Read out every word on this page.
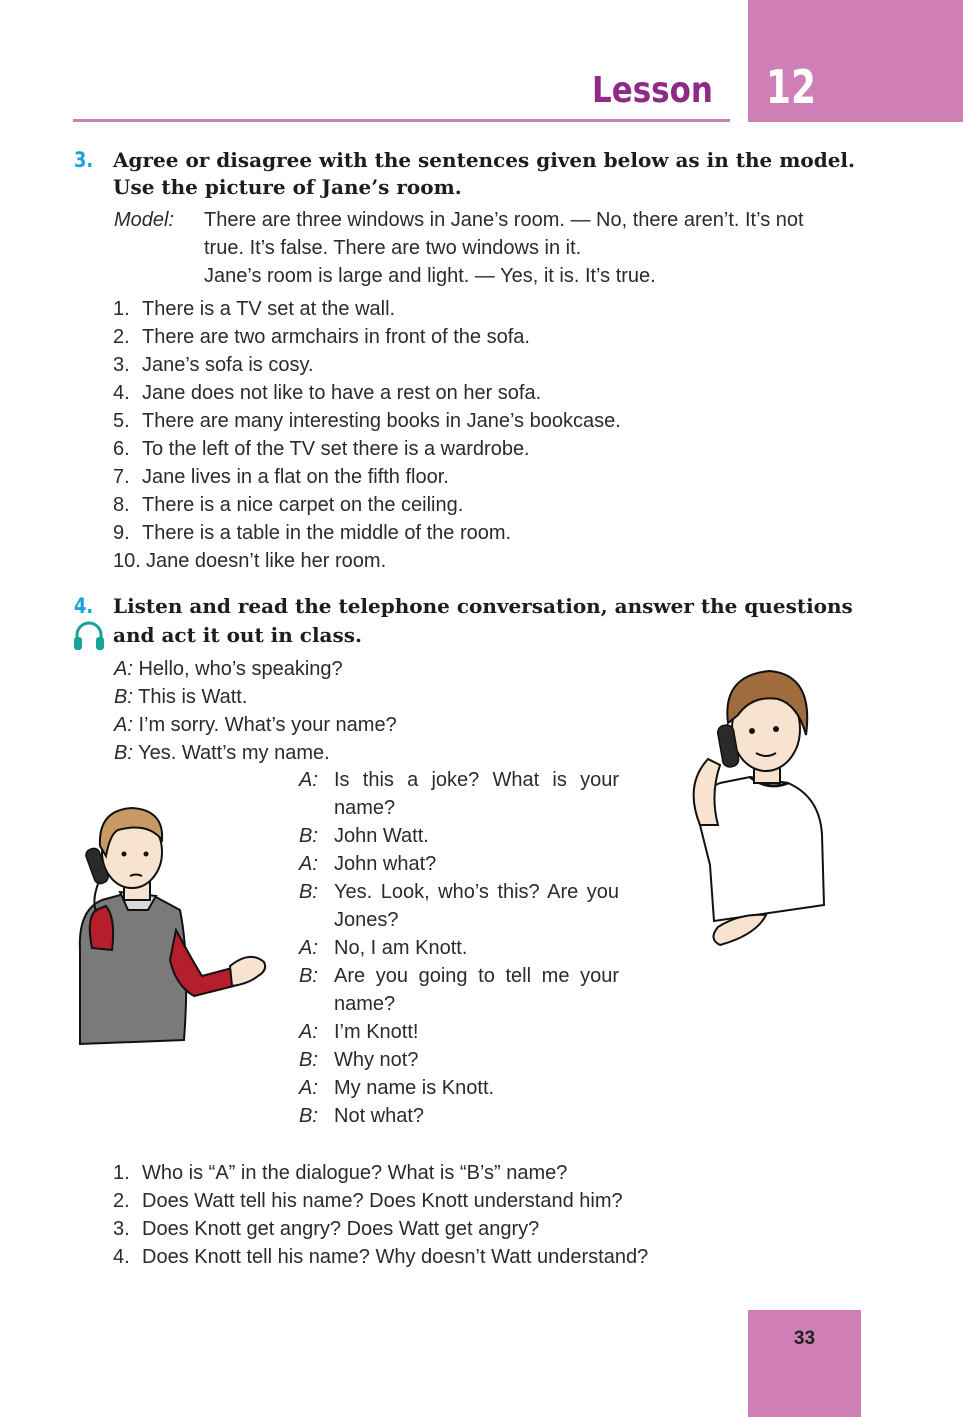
12
Lesson
3. Agree or disagree with the sentences given below as in the model.
Use the picture of Jane’s room.
Model: There are three windows in Jane’s room. — No, there aren’t. It’s not
true. It’s false. There are two windows in it.
Jane’s room is large and light. — Yes, it is. It’s true.
1. There is a TV set at the wall.
2. There are two armchairs in front of the sofa.
3. Jane’s sofa is cosy.
4. Jane does not like to have a rest on her sofa.
5. There are many interesting books in Jane’s bookcase.
6. To the left of the TV set there is a wardrobe.
7. Jane lives in a flat on the fifth floor.
8. There is a nice carpet on the ceiling.
9. There is a table in the middle of the room.
10. Jane doesn’t like her room.
4. Listen and read the telephone conversation, answer the questions
and act it out in class.
A: Hello, who’s speaking?
B: This is Watt.
A: I’m sorry. What’s your name?
B: Yes. Watt’s my name.
A: Is this a joke? What is your name?
B: John Watt.
A: John what?
B: Yes. Look, who’s this? Are you Jones?
A: No, I am Knott.
B: Are you going to tell me your name?
A: I’m Knott!
B: Why not?
A: My name is Knott.
B: Not what?
1. Who is “A” in the dialogue? What is “B’s” name?
2. Does Watt tell his name? Does Knott understand him?
3. Does Knott get angry? Does Watt get angry?
4. Does Knott tell his name? Why doesn’t Watt understand?
33
